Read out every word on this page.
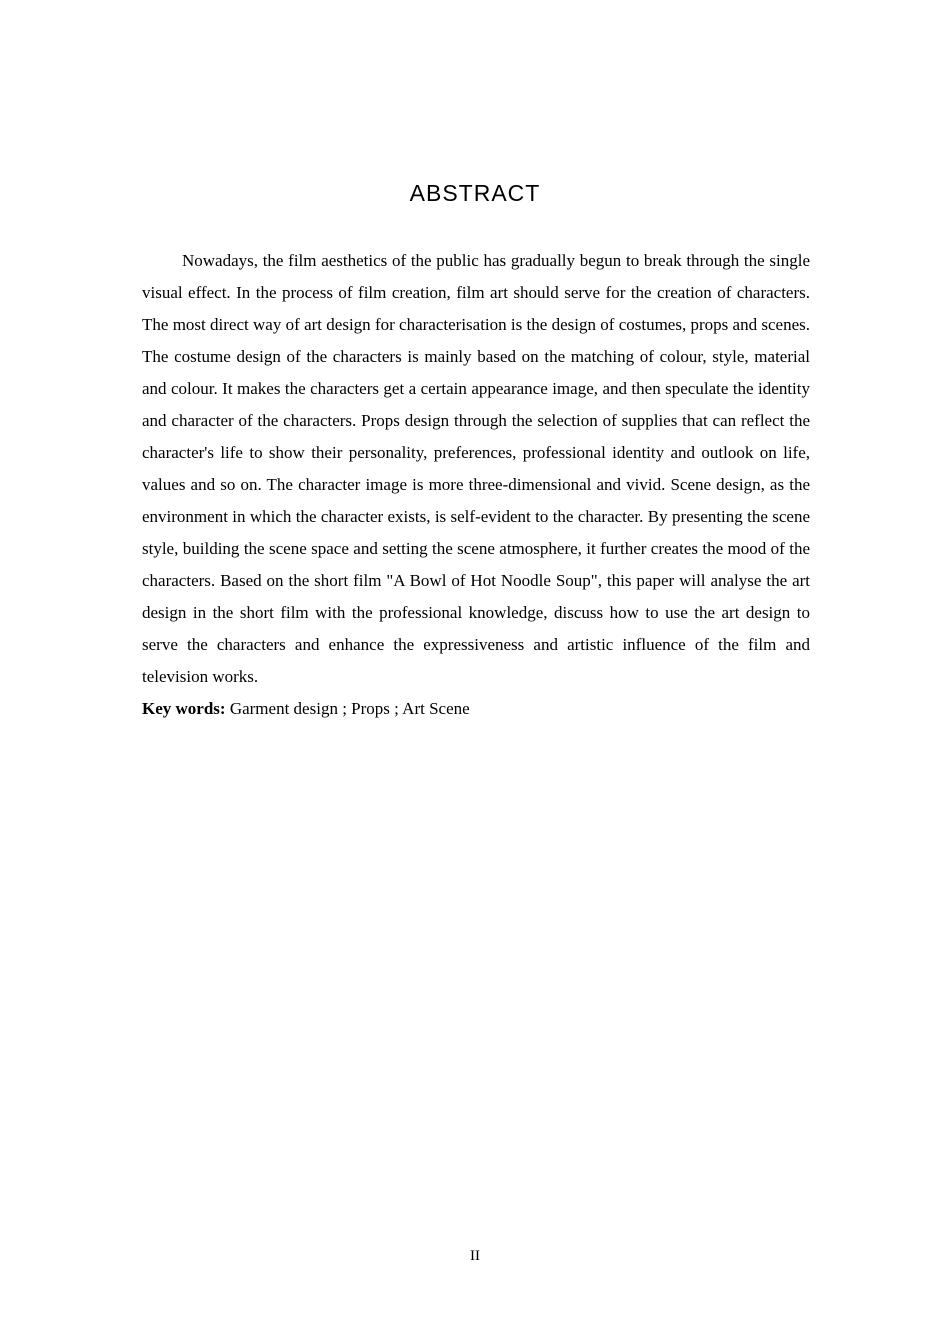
ABSTRACT

Nowadays, the film aesthetics of the public has gradually begun to break through the single visual effect. In the process of film creation, film art should serve for the creation of characters. The most direct way of art design for characterisation is the design of costumes, props and scenes. The costume design of the characters is mainly based on the matching of colour, style, material and colour. It makes the characters get a certain appearance image, and then speculate the identity and character of the characters. Props design through the selection of supplies that can reflect the character's life to show their personality, preferences, professional identity and outlook on life, values and so on. The character image is more three-dimensional and vivid. Scene design, as the environment in which the character exists, is self-evident to the character. By presenting the scene style, building the scene space and setting the scene atmosphere, it further creates the mood of the characters. Based on the short film "A Bowl of Hot Noodle Soup", this paper will analyse the art design in the short film with the professional knowledge, discuss how to use the art design to serve the characters and enhance the expressiveness and artistic influence of the film and television works.

Key words: Garment design ; Props ; Art Scene

II
